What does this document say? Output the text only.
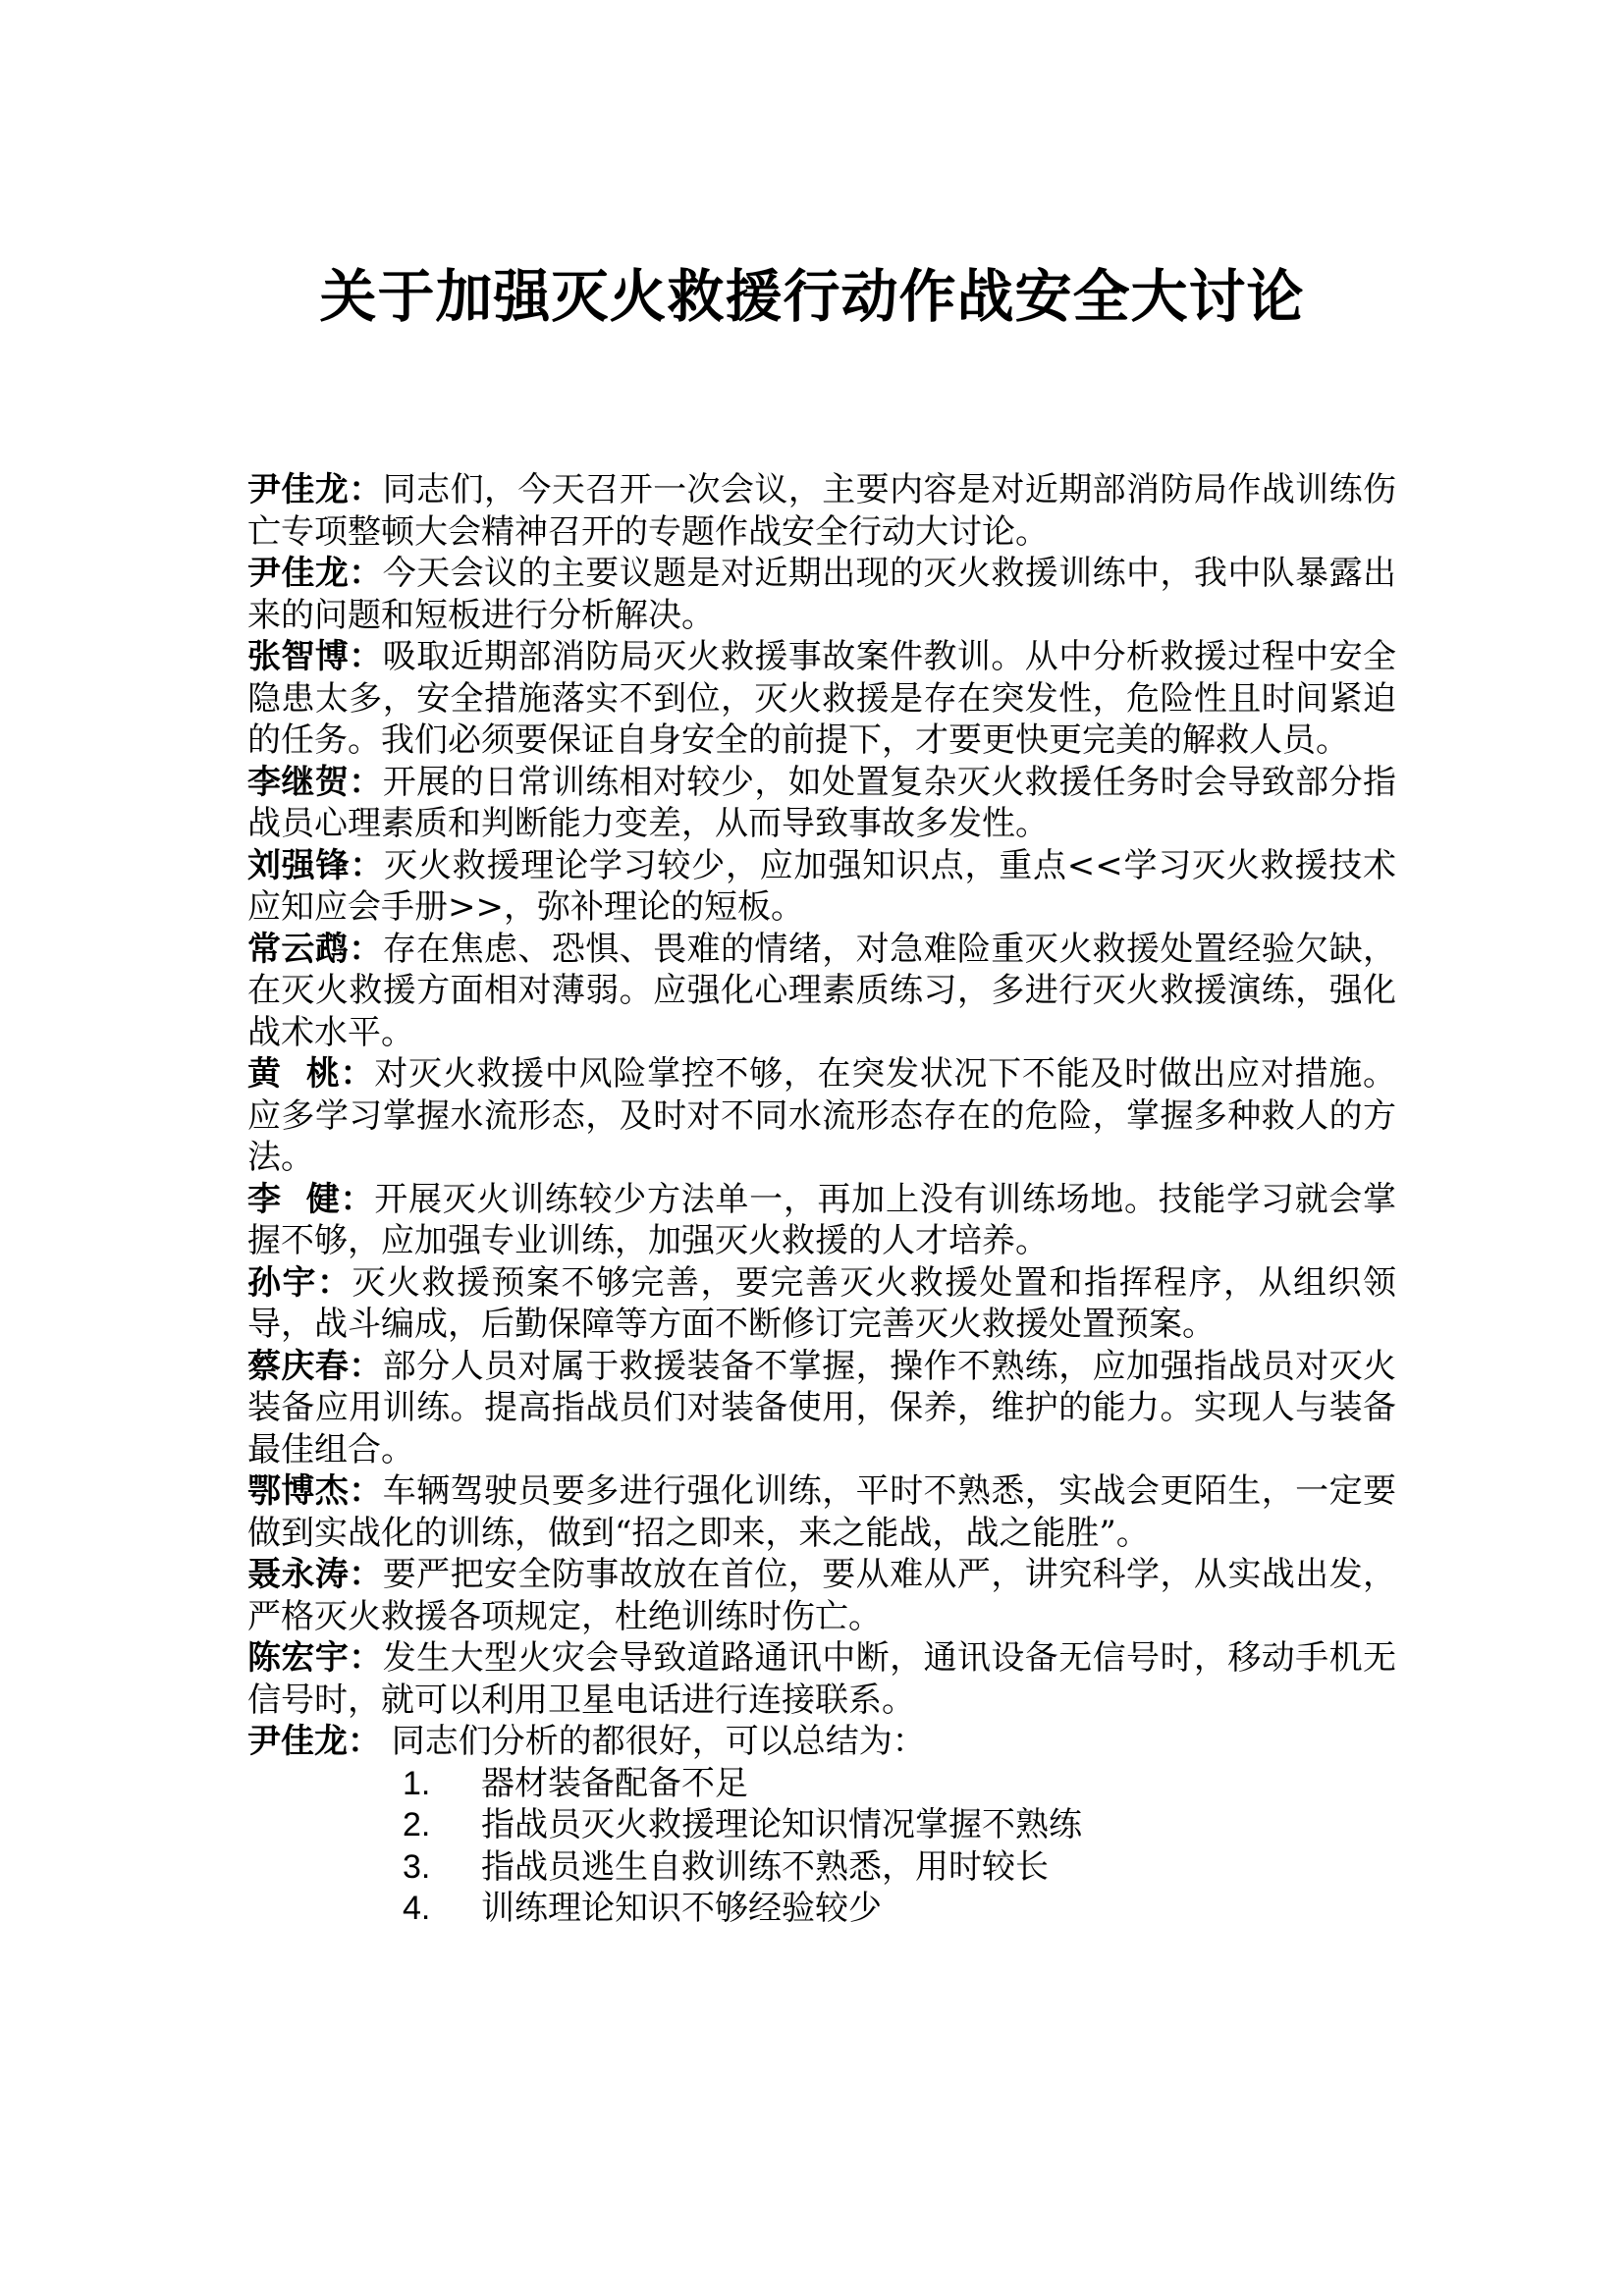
关于加强灭火救援行动作战安全大讨论

尹佳龙：同志们，今天召开一次会议，主要内容是对近期部消防局作战训练伤亡专项整顿大会精神召开的专题作战安全行动大讨论。

尹佳龙：今天会议的主要议题是对近期出现的灭火救援训练中，我中队暴露出来的问题和短板进行分析解决。

张智博：吸取近期部消防局灭火救援事故案件教训。从中分析救援过程中安全隐患太多，安全措施落实不到位，灭火救援是存在突发性，危险性且时间紧迫的任务。我们必须要保证自身安全的前提下，才要更快更完美的解救人员。

李继贺：开展的日常训练相对较少，如处置复杂灭火救援任务时会导致部分指战员心理素质和判断能力变差，从而导致事故多发性。

刘强锋：灭火救援理论学习较少，应加强知识点，重点<<学习灭火救援技术应知应会手册>>，弥补理论的短板。

常云鹉：存在焦虑、恐惧、畏难的情绪，对急难险重灭火救援处置经验欠缺，在灭火救援方面相对薄弱。应强化心理素质练习，多进行灭火救援演练，强化战术水平。

黄  桃：对灭火救援中风险掌控不够，在突发状况下不能及时做出应对措施。应多学习掌握水流形态，及时对不同水流形态存在的危险，掌握多种救人的方法。

李  健：开展灭火训练较少方法单一，再加上没有训练场地。技能学习就会掌握不够，应加强专业训练，加强灭火救援的人才培养。

孙宇：灭火救援预案不够完善，要完善灭火救援处置和指挥程序，从组织领导，战斗编成，后勤保障等方面不断修订完善灭火救援处置预案。

蔡庆春：部分人员对属于救援装备不掌握，操作不熟练，应加强指战员对灭火装备应用训练。提高指战员们对装备使用，保养，维护的能力。实现人与装备最佳组合。

鄂博杰：车辆驾驶员要多进行强化训练，平时不熟悉，实战会更陌生，一定要做到实战化的训练，做到“招之即来，来之能战，战之能胜”。

聂永涛：要严把安全防事故放在首位，要从难从严，讲究科学，从实战出发，严格灭火救援各项规定，杜绝训练时伤亡。

陈宏宇：发生大型火灾会导致道路通讯中断，通讯设备无信号时，移动手机无信号时，就可以利用卫星电话进行连接联系。

尹佳龙： 同志们分析的都很好，可以总结为：

1. 器材装备配备不足
2. 指战员灭火救援理论知识情况掌握不熟练
3. 指战员逃生自救训练不熟悉，用时较长
4. 训练理论知识不够经验较少
